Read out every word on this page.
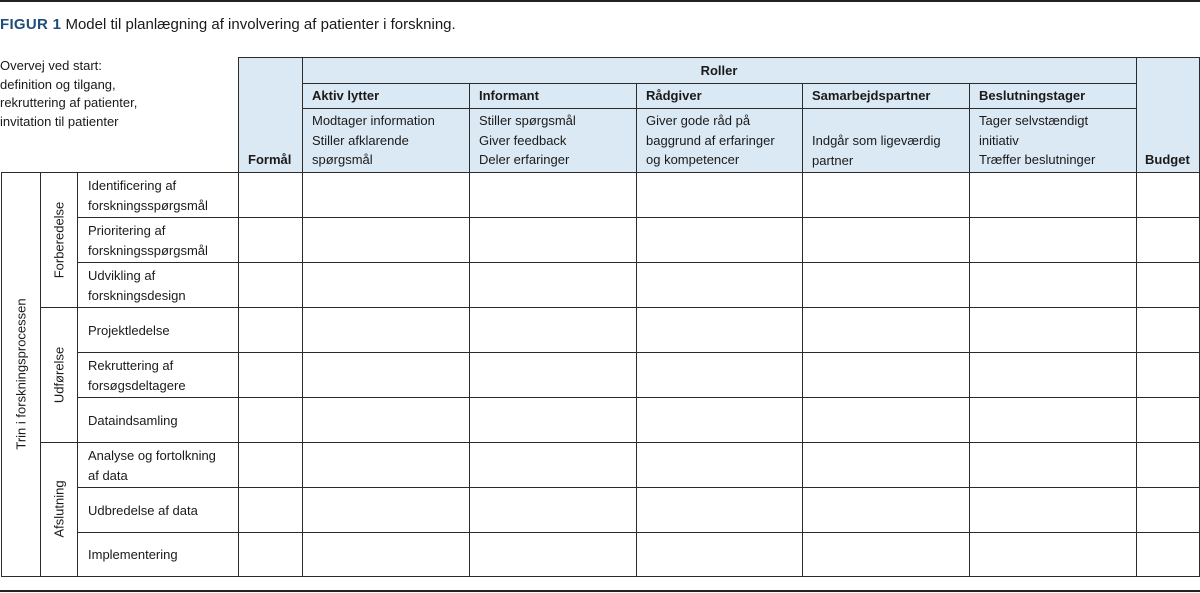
FIGUR 1 Model til planlægning af involvering af patienter i forskning.
Overvej ved start:
definition og tilgang,
rekruttering af patienter,
invitation til patienter
Formål
Roller
Budget
Aktiv lytter
Modtager information
Stiller afklarende
spørgsmål
Informant
Stiller spørgsmål
Giver feedback
Deler erfaringer
Rådgiver
Giver gode råd på
baggrund af erfaringer
og kompetencer
Samarbejdspartner
Indgår som ligeværdig
partner
Beslutningstager
Tager selvstændigt
initiativ
Træffer beslutninger
Trin i forskningsprocessen
Forberedelse
Identificering af
forskningsspørgsmål
Prioritering af
forskningsspørgsmål
Udvikling af
forskningsdesign
Udførelse
Projektledelse
Rekruttering af
forsøgsdeltagere
Dataindsamling
Afslutning
Analyse og fortolkning
af data
Udbredelse af data
Implementering
